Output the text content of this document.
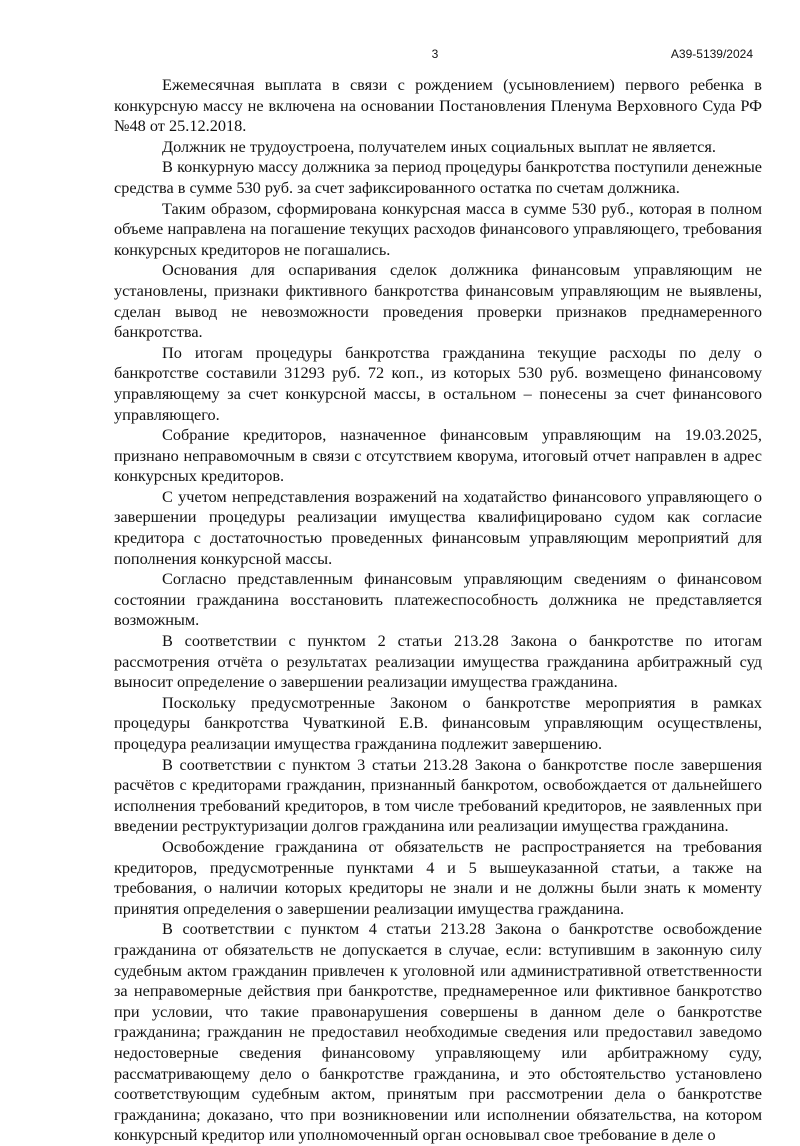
3	А39-5139/2024

Ежемесячная выплата в связи с рождением (усыновлением) первого ребенка в конкурсную массу не включена на основании Постановления Пленума Верховного Суда РФ №48 от 25.12.2018.

Должник не трудоустроена, получателем иных социальных выплат не является.

В конкурную массу должника за период процедуры банкротства поступили денежные средства в сумме 530 руб. за счет зафиксированного остатка по счетам должника.

Таким образом, сформирована конкурсная масса в сумме 530 руб., которая в полном объеме направлена на погашение текущих расходов финансового управляющего, требования конкурсных кредиторов не погашались.

Основания для оспаривания сделок должника финансовым управляющим не установлены, признаки фиктивного банкротства финансовым управляющим не выявлены, сделан вывод не невозможности проведения проверки признаков преднамеренного банкротства.

По итогам процедуры банкротства гражданина текущие расходы по делу о банкротстве составили 31293 руб. 72 коп., из которых 530 руб. возмещено финансовому управляющему за счет конкурсной массы, в остальном – понесены за счет финансового управляющего.

Собрание кредиторов, назначенное финансовым управляющим на 19.03.2025, признано неправомочным в связи с отсутствием кворума, итоговый отчет направлен в адрес конкурсных кредиторов.

С учетом непредставления возражений на ходатайство финансового управляющего о завершении процедуры реализации имущества квалифицировано судом как согласие кредитора с достаточностью проведенных финансовым управляющим мероприятий для пополнения конкурсной массы.

Согласно представленным финансовым управляющим сведениям о финансовом состоянии гражданина восстановить платежеспособность должника не представляется возможным.

В соответствии с пунктом 2 статьи 213.28 Закона о банкротстве по итогам рассмотрения отчёта о результатах реализации имущества гражданина арбитражный суд выносит определение о завершении реализации имущества гражданина.

Поскольку предусмотренные Законом о банкротстве мероприятия в рамках процедуры банкротства Чуваткиной Е.В. финансовым управляющим осуществлены, процедура реализации имущества гражданина подлежит завершению.

В соответствии с пунктом 3 статьи 213.28 Закона о банкротстве после завершения расчётов с кредиторами гражданин, признанный банкротом, освобождается от дальнейшего исполнения требований кредиторов, в том числе требований кредиторов, не заявленных при введении реструктуризации долгов гражданина или реализации имущества гражданина.

Освобождение гражданина от обязательств не распространяется на требования кредиторов, предусмотренные пунктами 4 и 5 вышеуказанной статьи, а также на требования, о наличии которых кредиторы не знали и не должны были знать к моменту принятия определения о завершении реализации имущества гражданина.

В соответствии с пунктом 4 статьи 213.28 Закона о банкротстве освобождение гражданина от обязательств не допускается в случае, если: вступившим в законную силу судебным актом гражданин привлечен к уголовной или административной ответственности за неправомерные действия при банкротстве, преднамеренное или фиктивное банкротство при условии, что такие правонарушения совершены в данном деле о банкротстве гражданина; гражданин не предоставил необходимые сведения или предоставил заведомо недостоверные сведения финансовому управляющему или арбитражному суду, рассматривающему дело о банкротстве гражданина, и это обстоятельство установлено соответствующим судебным актом, принятым при рассмотрении дела о банкротстве гражданина; доказано, что при возникновении или исполнении обязательства, на котором конкурсный кредитор или уполномоченный орган основывал свое требование в деле о
